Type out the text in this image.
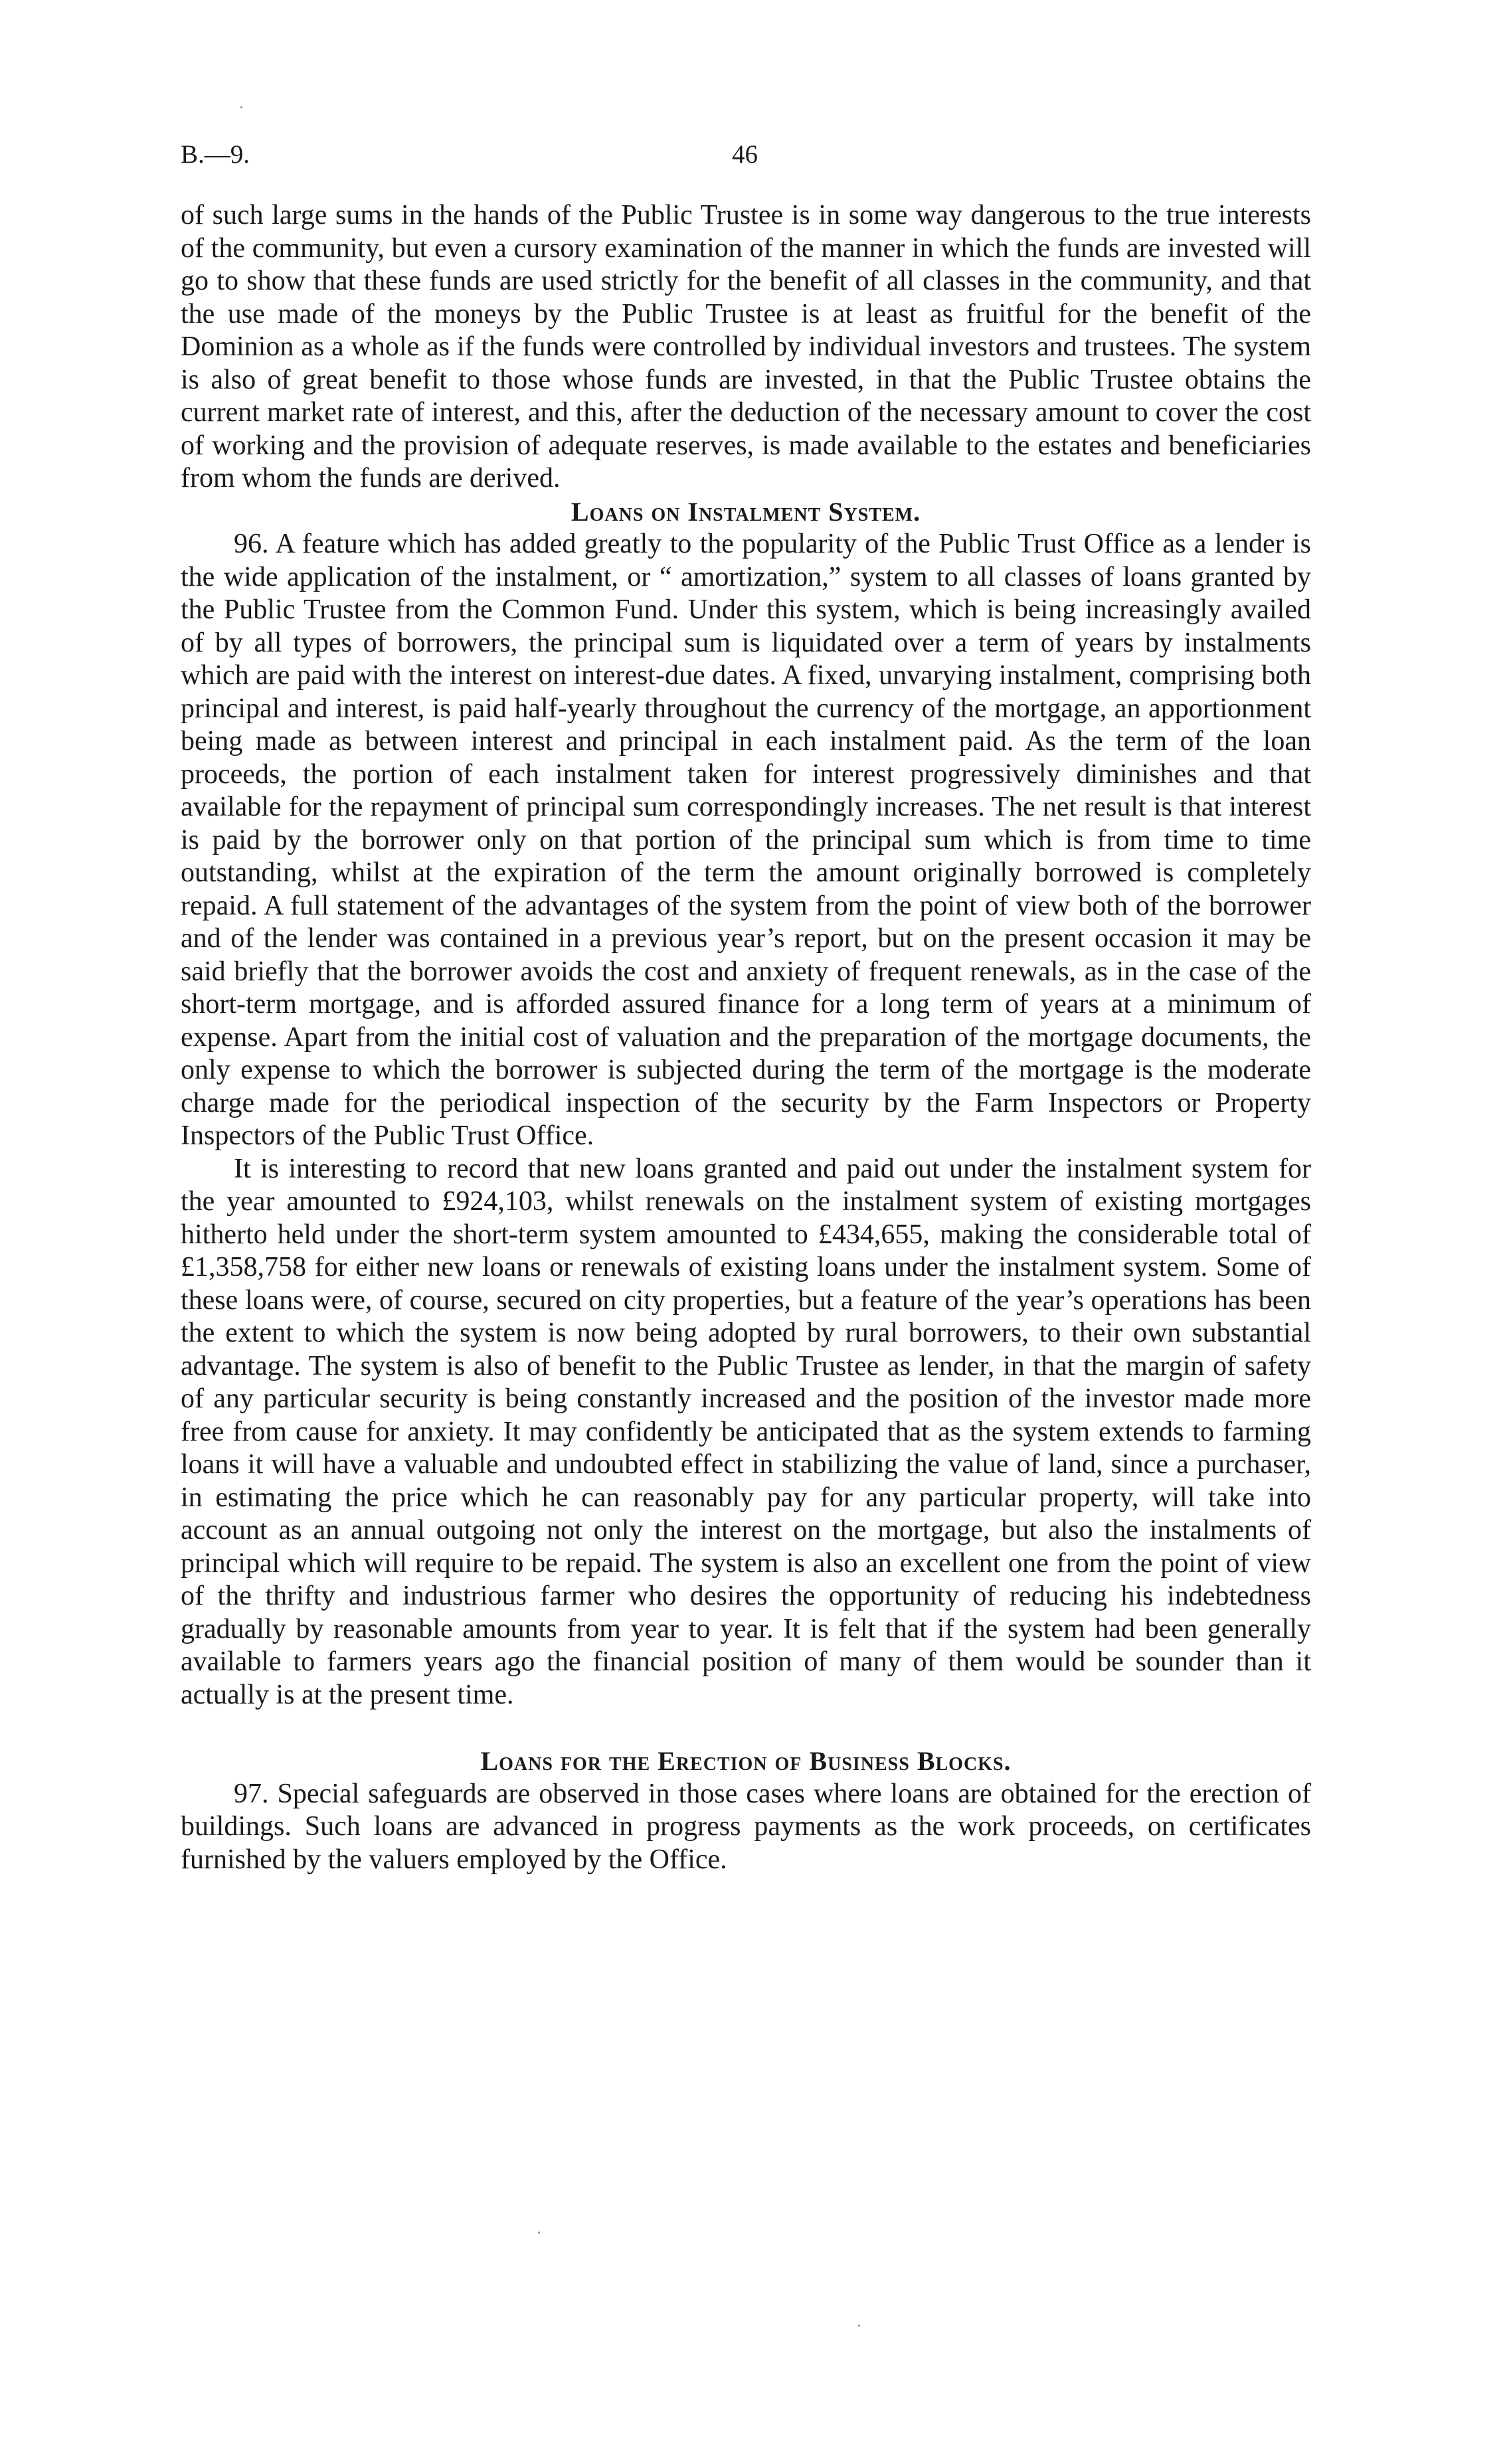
B.—9.	46

of such large sums in the hands of the Public Trustee is in some way dangerous to the true interests of the community, but even a cursory examination of the manner in which the funds are invested will go to show that these funds are used strictly for the benefit of all classes in the community, and that the use made of the moneys by the Public Trustee is at least as fruitful for the benefit of the Dominion as a whole as if the funds were controlled by individual investors and trustees. The system is also of great benefit to those whose funds are invested, in that the Public Trustee obtains the current market rate of interest, and this, after the deduction of the necessary amount to cover the cost of working and the provision of adequate reserves, is made available to the estates and beneficiaries from whom the funds are derived.

Loans on Instalment System.

96. A feature which has added greatly to the popularity of the Public Trust Office as a lender is the wide application of the instalment, or “ amortization,” system to all classes of loans granted by the Public Trustee from the Common Fund. Under this system, which is being increasingly availed of by all types of borrowers, the principal sum is liquidated over a term of years by instalments which are paid with the interest on interest-due dates. A fixed, unvarying instalment, comprising both principal and interest, is paid half-yearly throughout the currency of the mortgage, an apportionment being made as between interest and principal in each instalment paid. As the term of the loan proceeds, the portion of each instalment taken for interest progressively diminishes and that available for the repayment of principal sum correspondingly increases. The net result is that interest is paid by the borrower only on that portion of the principal sum which is from time to time outstanding, whilst at the expiration of the term the amount originally borrowed is completely repaid. A full statement of the advantages of the system from the point of view both of the borrower and of the lender was contained in a previous year’s report, but on the present occasion it may be said briefly that the borrower avoids the cost and anxiety of frequent renewals, as in the case of the short-term mortgage, and is afforded assured finance for a long term of years at a minimum of expense. Apart from the initial cost of valuation and the preparation of the mortgage documents, the only expense to which the borrower is subjected during the term of the mortgage is the moderate charge made for the periodical inspection of the security by the Farm Inspectors or Property Inspectors of the Public Trust Office.

It is interesting to record that new loans granted and paid out under the instalment system for the year amounted to £924,103, whilst renewals on the instalment system of existing mortgages hitherto held under the short-term system amounted to £434,655, making the considerable total of £1,358,758 for either new loans or renewals of existing loans under the instalment system. Some of these loans were, of course, secured on city properties, but a feature of the year’s operations has been the extent to which the system is now being adopted by rural borrowers, to their own substantial advantage. The system is also of benefit to the Public Trustee as lender, in that the margin of safety of any particular security is being constantly increased and the position of the investor made more free from cause for anxiety. It may confidently be anticipated that as the system extends to farming loans it will have a valuable and undoubted effect in stabilizing the value of land, since a purchaser, in estimating the price which he can reasonably pay for any particular property, will take into account as an annual outgoing not only the interest on the mortgage, but also the instalments of principal which will require to be repaid. The system is also an excellent one from the point of view of the thrifty and industrious farmer who desires the opportunity of reducing his indebtedness gradually by reasonable amounts from year to year. It is felt that if the system had been generally available to farmers years ago the financial position of many of them would be sounder than it actually is at the present time.

Loans for the Erection of Business Blocks.

97. Special safeguards are observed in those cases where loans are obtained for the erection of buildings. Such loans are advanced in progress payments as the work proceeds, on certificates furnished by the valuers employed by the Office.
